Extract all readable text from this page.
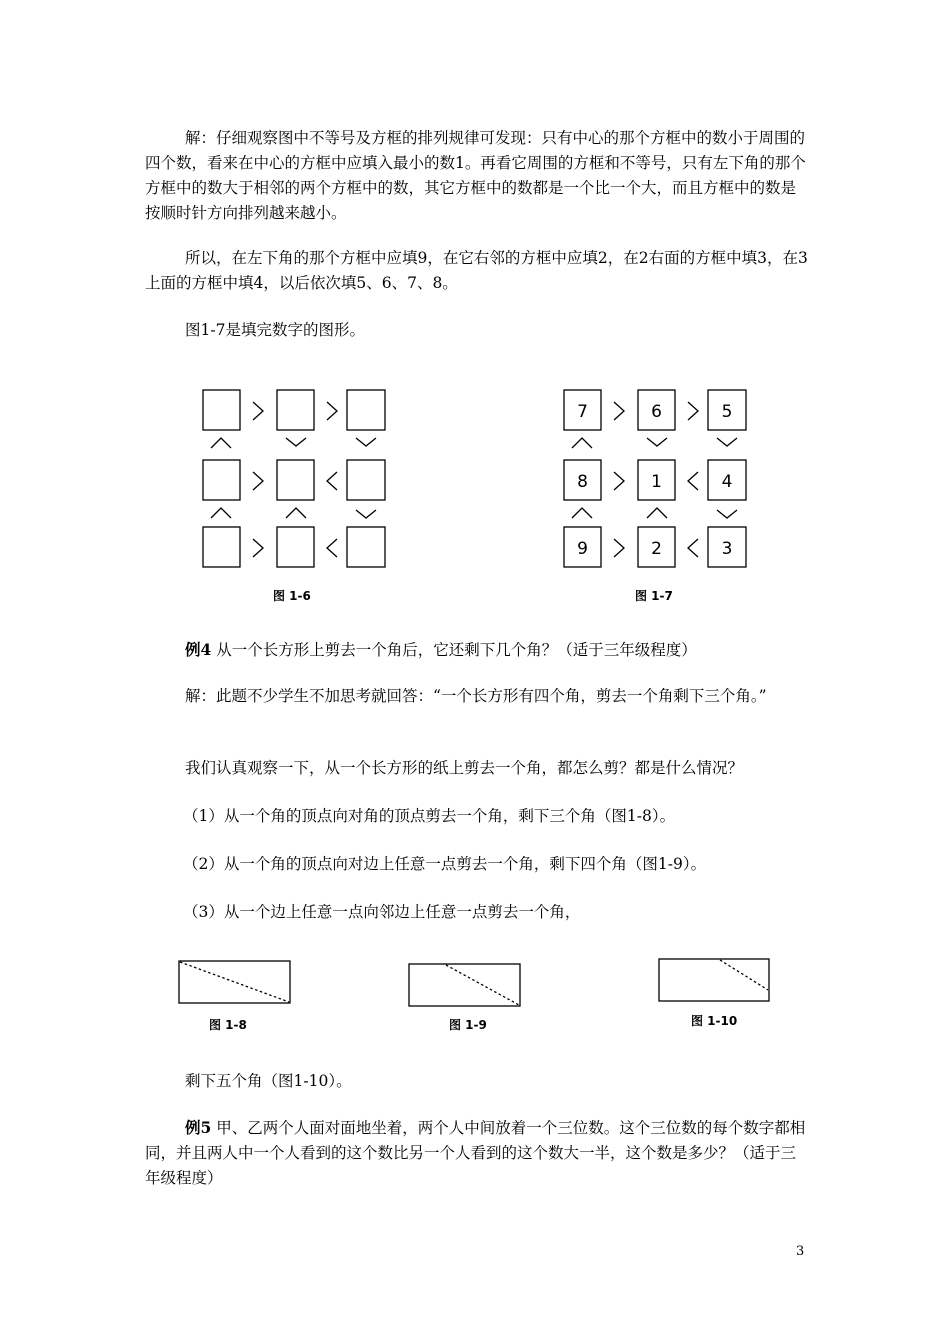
解：仔细观察图中不等号及方框的排列规律可发现：只有中心的那个方框中的数小于周围的四个数，看来在中心的方框中应填入最小的数1。再看它周围的方框和不等号，只有左下角的那个方框中的数大于相邻的两个方框中的数，其它方框中的数都是一个比一个大，而且方框中的数是按顺时针方向排列越来越小。

所以，在左下角的那个方框中应填9，在它右邻的方框中应填2，在2右面的方框中填3，在3上面的方框中填4，以后依次填5、6、7、8。

图1-7是填完数字的图形。

图 1-6
7	6	5
8	1	4
9	2	3
图 1-7

例4 从一个长方形上剪去一个角后，它还剩下几个角？（适于三年级程度）

解：此题不少学生不加思考就回答：“一个长方形有四个角，剪去一个角剩下三个角。”

我们认真观察一下，从一个长方形的纸上剪去一个角，都怎么剪？都是什么情况？

（1）从一个角的顶点向对角的顶点剪去一个角，剩下三个角（图1-8）。

（2）从一个角的顶点向对边上任意一点剪去一个角，剩下四个角（图1-9）。

（3）从一个边上任意一点向邻边上任意一点剪去一个角，

图 1-8	图 1-9	图 1-10

剩下五个角（图1-10）。

例5 甲、乙两个人面对面地坐着，两个人中间放着一个三位数。这个三位数的每个数字都相同，并且两人中一个人看到的这个数比另一个人看到的这个数大一半，这个数是多少？（适于三年级程度）

3
